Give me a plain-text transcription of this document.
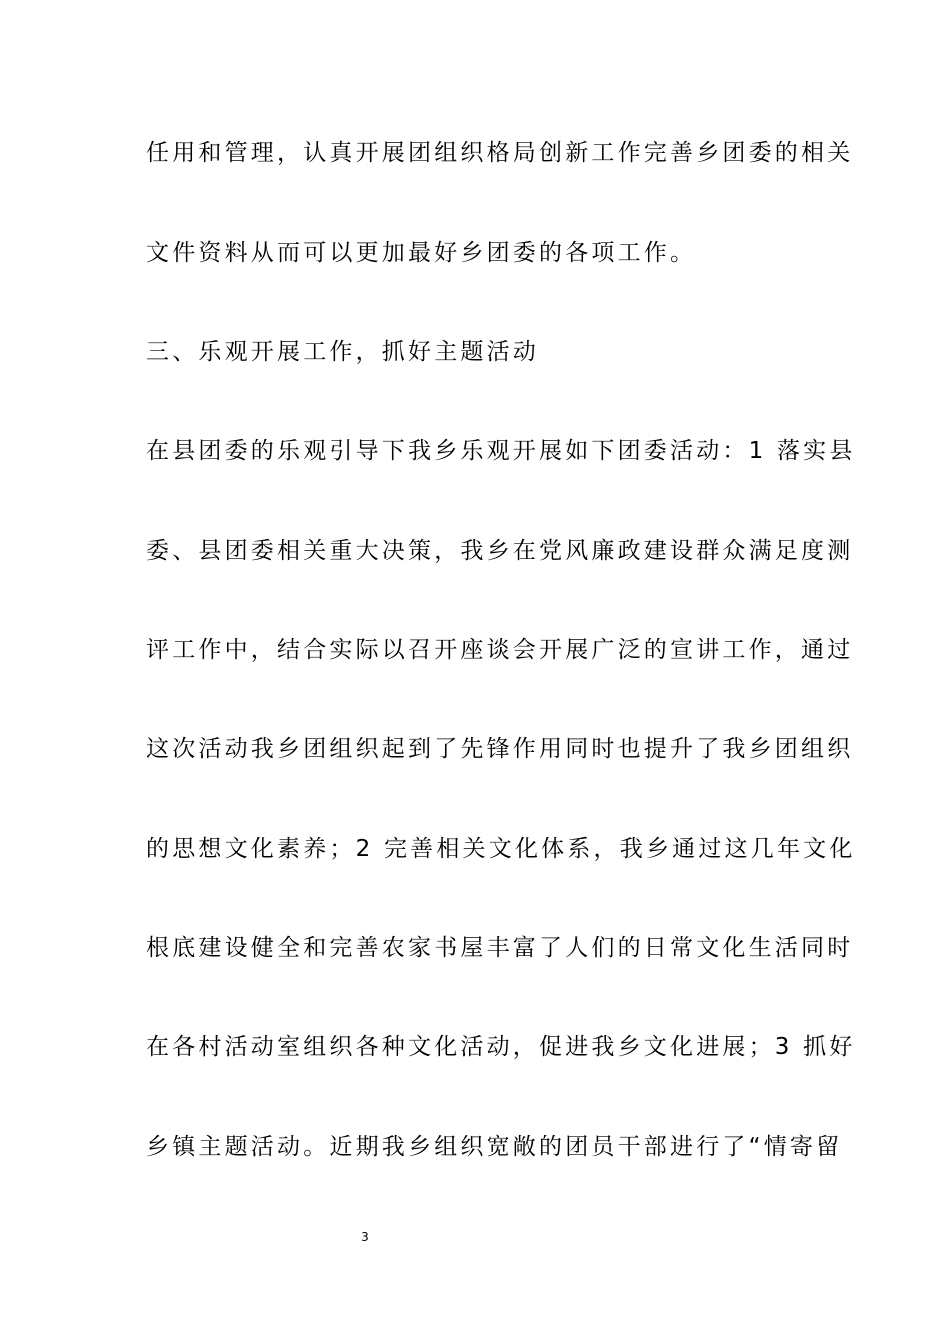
任用和管理，认真开展团组织格局创新工作完善乡团委的相关
文件资料从而可以更加最好乡团委的各项工作。
三、乐观开展工作，抓好主题活动
在县团委的乐观引导下我乡乐观开展如下团委活动：1 落实县
委、县团委相关重大决策，我乡在党风廉政建设群众满足度测
评工作中，结合实际以召开座谈会开展广泛的宣讲工作，通过
这次活动我乡团组织起到了先锋作用同时也提升了我乡团组织
的思想文化素养；2 完善相关文化体系，我乡通过这几年文化
根底建设健全和完善农家书屋丰富了人们的日常文化生活同时
在各村活动室组织各种文化活动，促进我乡文化进展；3 抓好
乡镇主题活动。近期我乡组织宽敞的团员干部进行了“情寄留
3
